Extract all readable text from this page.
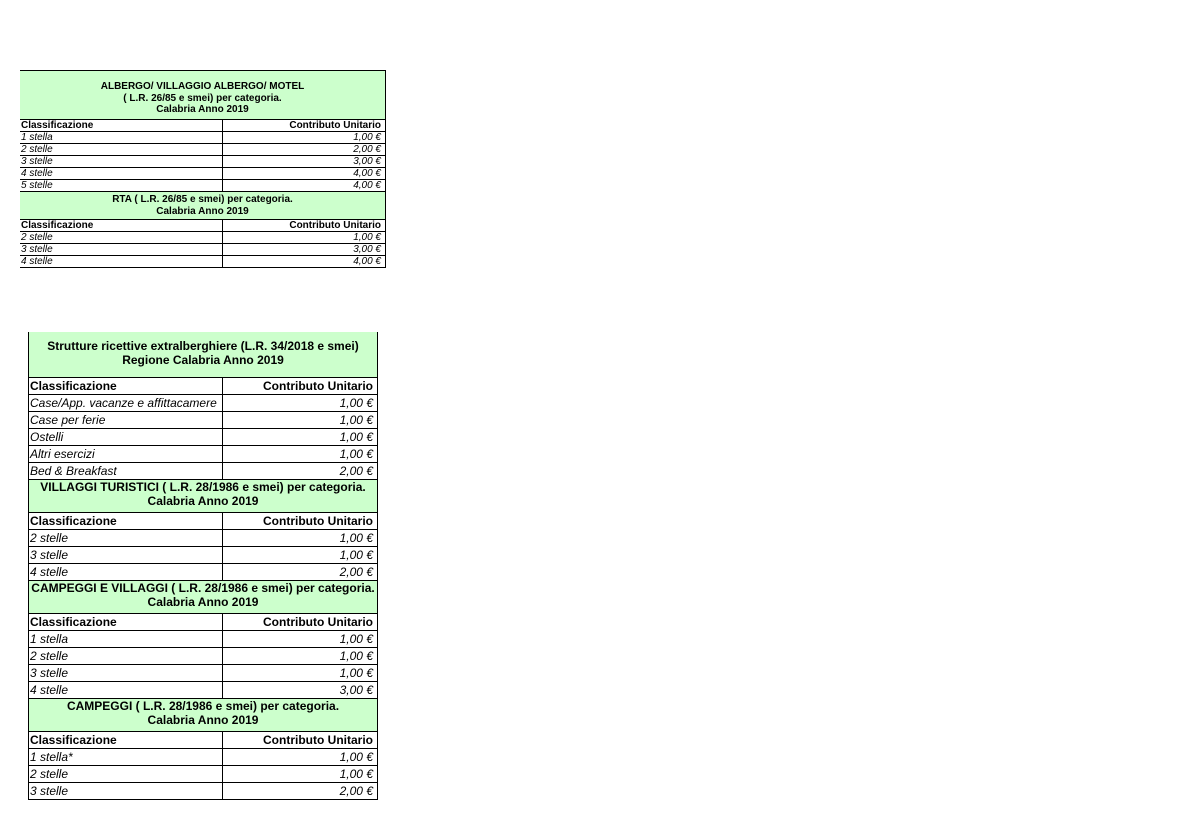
ALBERGO/ VILLAGGIO ALBERGO/ MOTEL
( L.R. 26/85 e smei) per categoria.
Calabria Anno 2019
Classificazione	Contributo Unitario
1 stella	1,00 €
2 stelle	2,00 €
3 stelle	3,00 €
4 stelle	4,00 €
5 stelle	4,00 €
RTA ( L.R. 26/85 e smei) per categoria.
Calabria Anno 2019
Classificazione	Contributo Unitario
2 stelle	1,00 €
3 stelle	3,00 €
4 stelle	4,00 €
Strutture ricettive extralberghiere (L.R. 34/2018 e smei)
Regione Calabria Anno 2019
Classificazione	Contributo Unitario
Case/App. vacanze e affittacamere	1,00 €
Case per ferie	1,00 €
Ostelli	1,00 €
Altri esercizi	1,00 €
Bed & Breakfast	2,00 €
VILLAGGI TURISTICI ( L.R. 28/1986 e smei) per categoria.
Calabria Anno 2019
Classificazione	Contributo Unitario
2 stelle	1,00 €
3 stelle	1,00 €
4 stelle	2,00 €
CAMPEGGI E VILLAGGI ( L.R. 28/1986 e smei) per categoria.
Calabria Anno 2019
Classificazione	Contributo Unitario
1 stella	1,00 €
2 stelle	1,00 €
3 stelle	1,00 €
4 stelle	3,00 €
CAMPEGGI ( L.R. 28/1986 e smei) per categoria.
Calabria Anno 2019
Classificazione	Contributo Unitario
1 stella*	1,00 €
2 stelle	1,00 €
3 stelle	2,00 €
